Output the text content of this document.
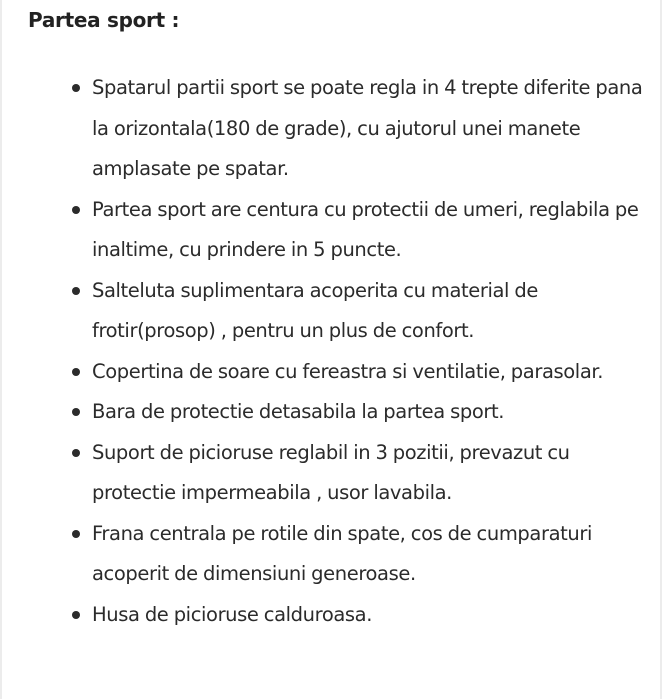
Partea sport :
Spatarul partii sport se poate regla in 4 trepte diferite pana la orizontala(180 de grade), cu ajutorul unei manete amplasate pe spatar.
Partea sport are centura cu protectii de umeri, reglabila pe inaltime, cu prindere in 5 puncte.
Salteluta suplimentara acoperita cu material de frotir(prosop) , pentru un plus de confort.
Copertina de soare cu fereastra si ventilatie, parasolar.
Bara de protectie detasabila la partea sport.
Suport de picioruse reglabil in 3 pozitii, prevazut cu protectie impermeabila , usor lavabila.
Frana centrala pe rotile din spate, cos de cumparaturi acoperit de dimensiuni generoase.
Husa de picioruse calduroasa.
